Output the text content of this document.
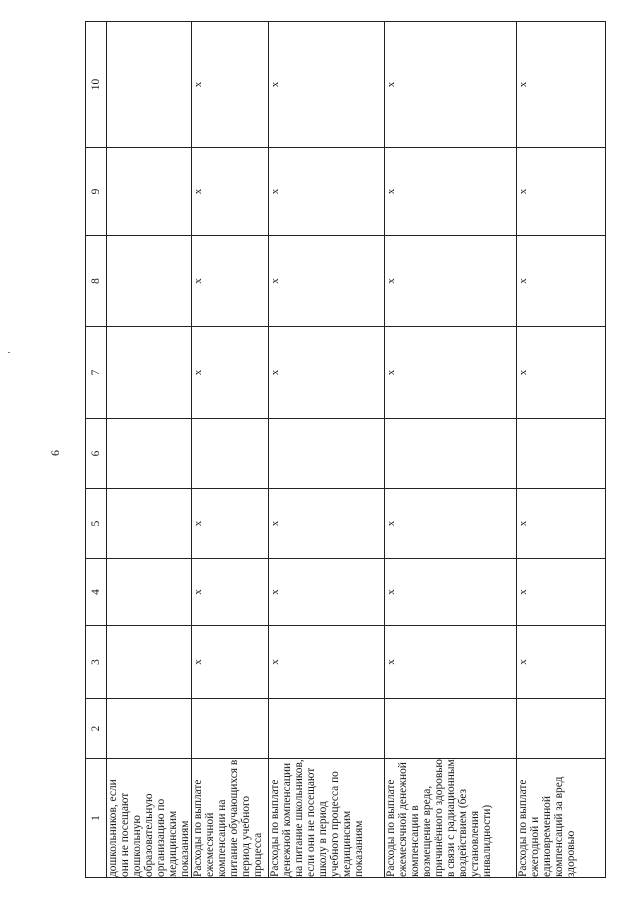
6
1	2	3	4	5	6	7	8	9	10
дошкольников, если они не посещают дошкольную образовательную организацию по медицинским показаниям									
Расходы по выплате ежемесячной компенсации на питание обучающихся в период учебного процесса		x	x	x		x	x	x	x
Расходы по выплате денежной компенсации на питание школьников, если они не посещают школу в период учебного процесса по медицинским показаниям		x	x	x		x	x	x	x
Расходы по выплате ежемесячной денежной компенсации в возмещение вреда, причинённого здоровью в связи с радиационным воздействием (без установления инвалидности)		x	x	x		x	x	x	x
Расходы по выплате ежегодной и единовременной компенсаций за вред здоровью		x	x	x		x	x	x	x
